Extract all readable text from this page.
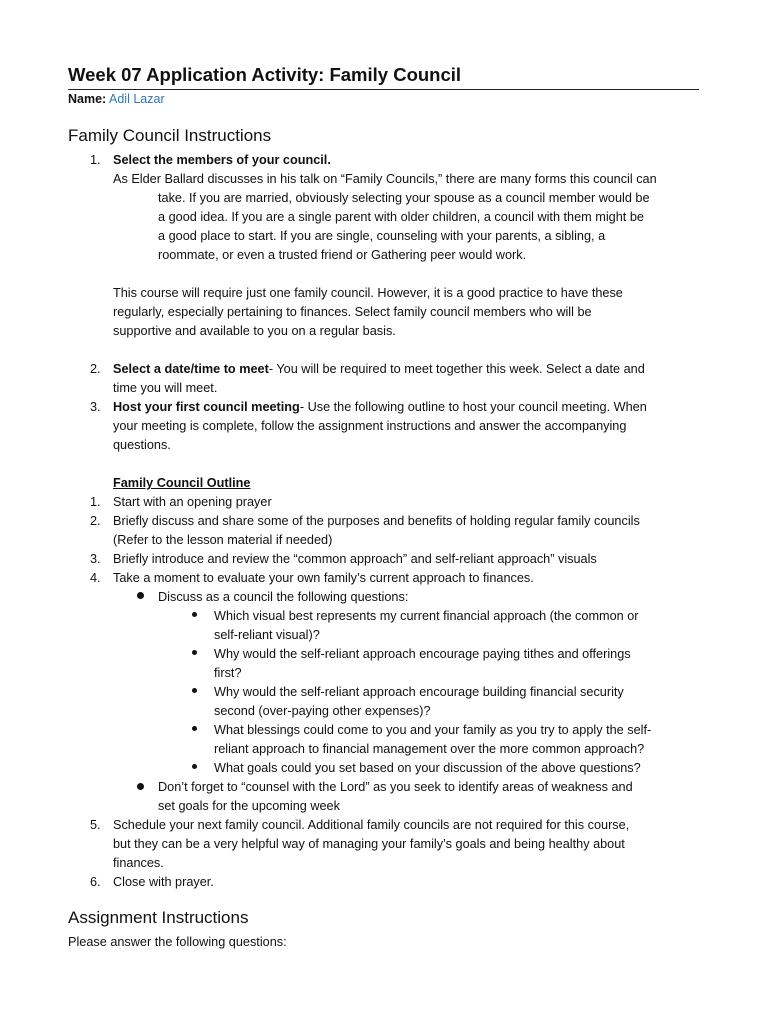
Week 07 Application Activity: Family Council
Name: Adil Lazar
Family Council Instructions
1. Select the members of your council.
As Elder Ballard discusses in his talk on “Family Councils,” there are many forms this council can
take. If you are married, obviously selecting your spouse as a council member would be
a good idea. If you are a single parent with older children, a council with them might be
a good place to start. If you are single, counseling with your parents, a sibling, a
roommate, or even a trusted friend or Gathering peer would work.
This course will require just one family council. However, it is a good practice to have these
regularly, especially pertaining to finances. Select family council members who will be
supportive and available to you on a regular basis.
2. Select a date/time to meet- You will be required to meet together this week. Select a date and
time you will meet.
3. Host your first council meeting- Use the following outline to host your council meeting. When
your meeting is complete, follow the assignment instructions and answer the accompanying
questions.
Family Council Outline
1. Start with an opening prayer
2. Briefly discuss and share some of the purposes and benefits of holding regular family councils
(Refer to the lesson material if needed)
3. Briefly introduce and review the “common approach” and self-reliant approach” visuals
4. Take a moment to evaluate your own family’s current approach to finances.
Discuss as a council the following questions:
Which visual best represents my current financial approach (the common or
self-reliant visual)?
Why would the self-reliant approach encourage paying tithes and offerings
first?
Why would the self-reliant approach encourage building financial security
second (over-paying other expenses)?
What blessings could come to you and your family as you try to apply the self-
reliant approach to financial management over the more common approach?
What goals could you set based on your discussion of the above questions?
Don’t forget to “counsel with the Lord” as you seek to identify areas of weakness and
set goals for the upcoming week
5. Schedule your next family council. Additional family councils are not required for this course,
but they can be a very helpful way of managing your family’s goals and being healthy about
finances.
6. Close with prayer.
Assignment Instructions
Please answer the following questions:
